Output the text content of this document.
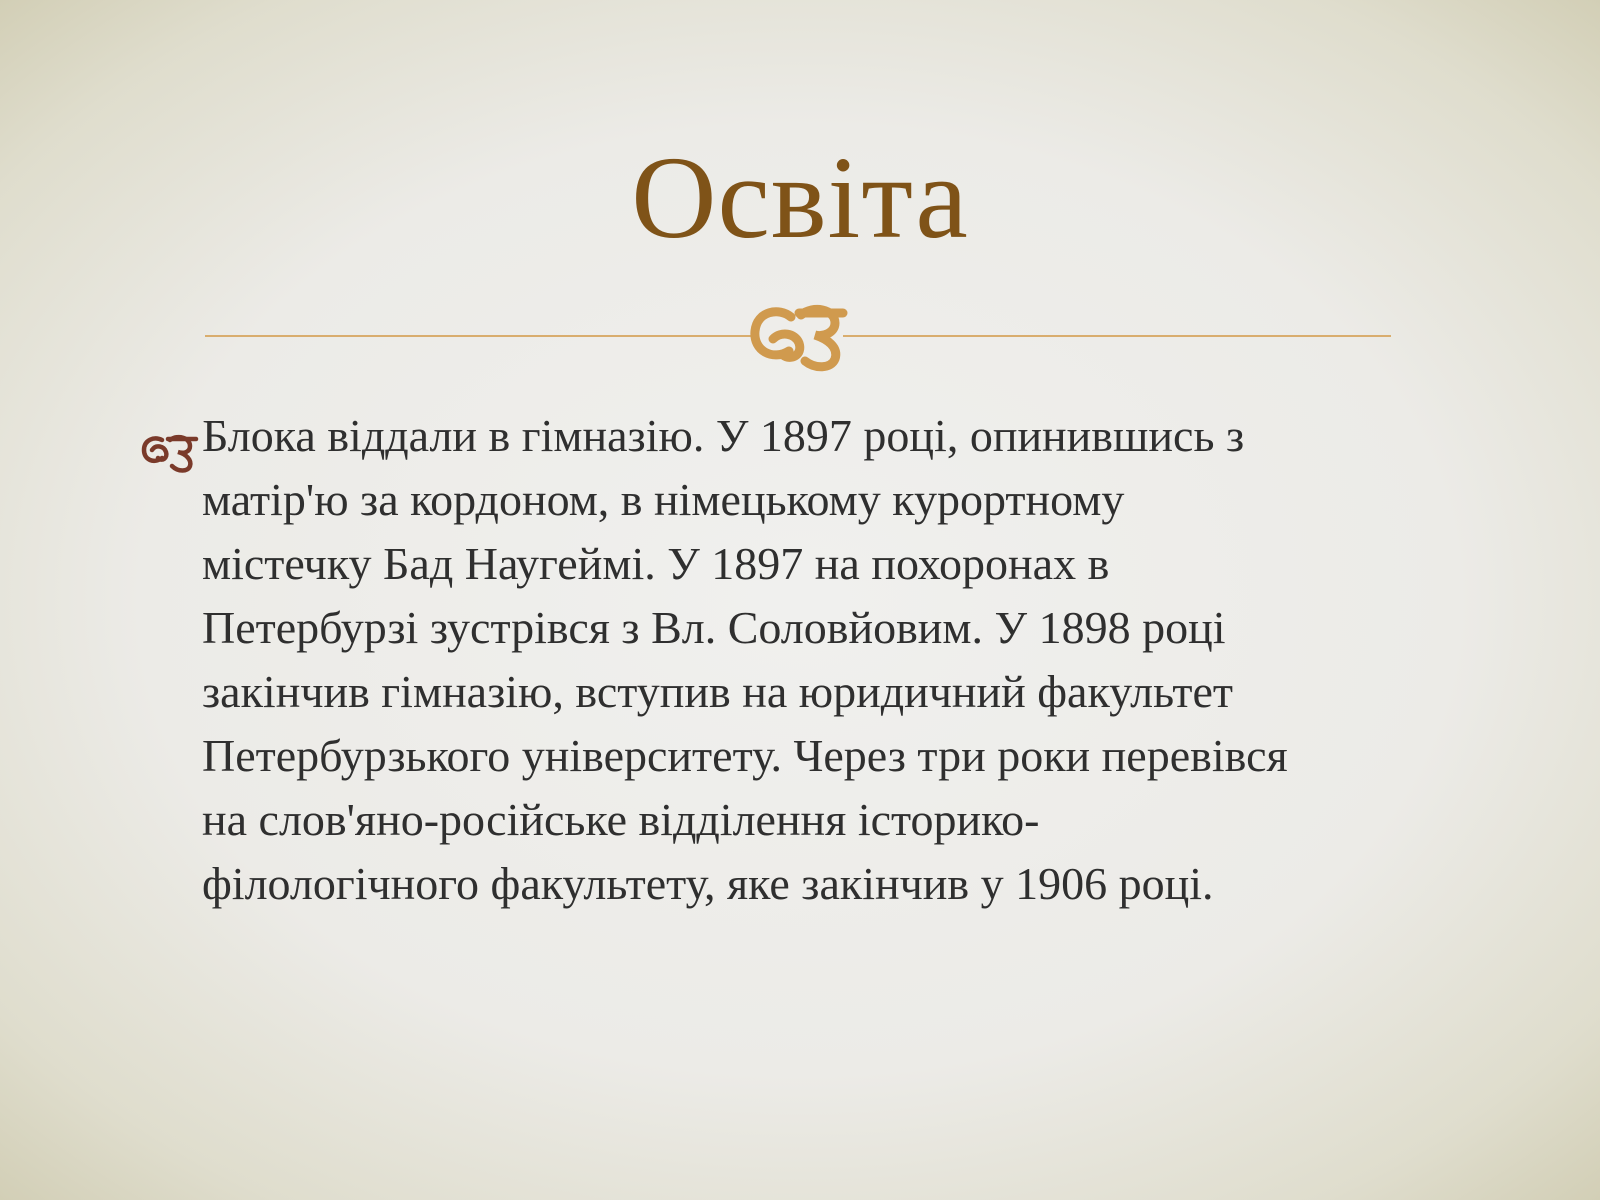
Освіта
Блока віддали в гімназію. У 1897 році, опинившись з
матір'ю за кордоном, в німецькому курортному
містечку Бад Наугеймі. У 1897 на похоронах в
Петербурзі зустрівся з Вл. Соловйовим. У 1898 році
закінчив гімназію, вступив на юридичний факультет
Петербурзького університету. Через три роки перевівся
на слов'яно-російське відділення історико-
філологічного факультету, яке закінчив у 1906 році.
